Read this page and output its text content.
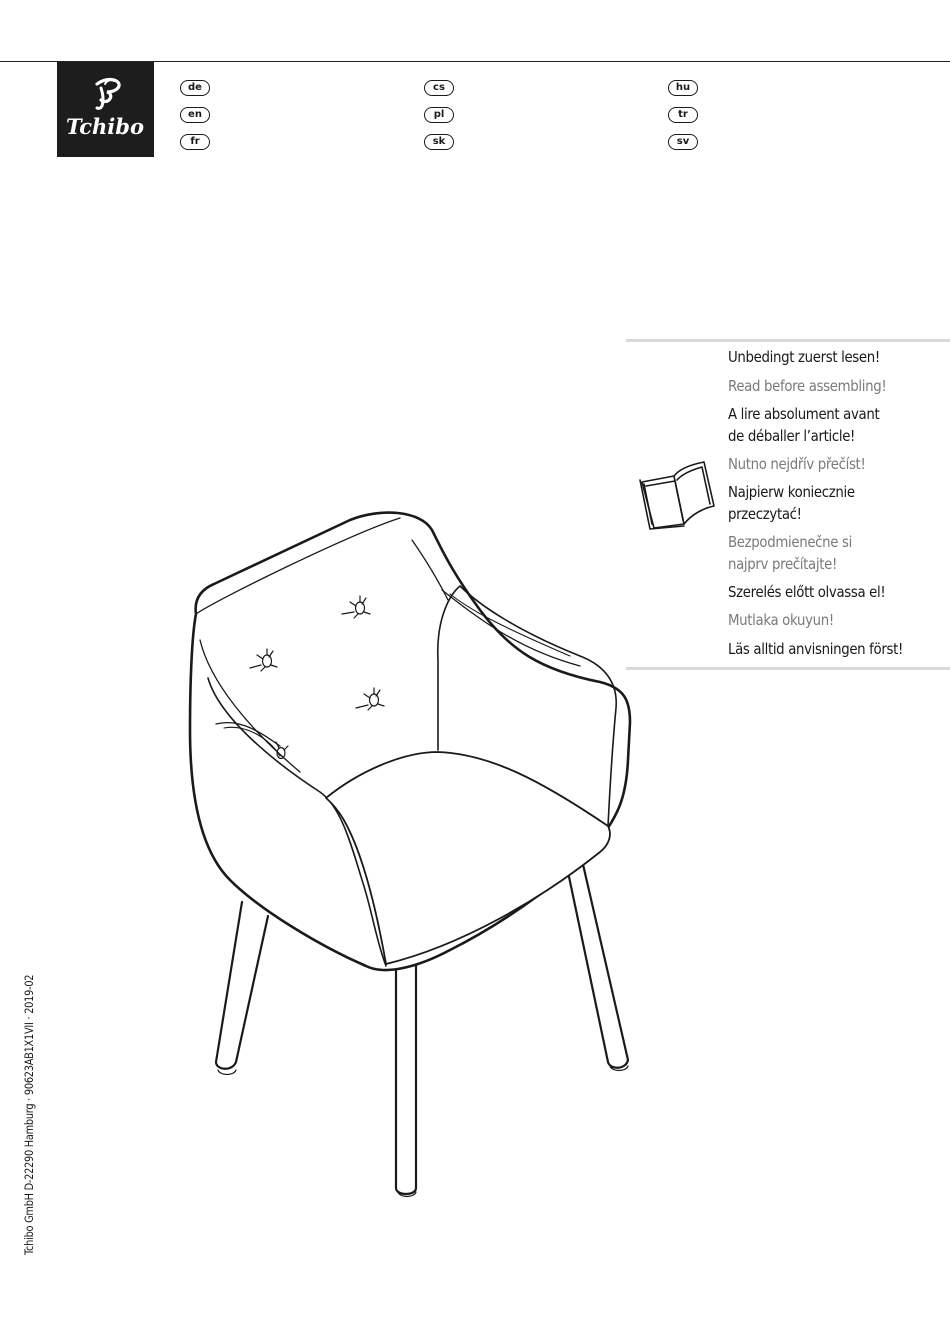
Tchibo
de
en
fr
cs
pl
sk
hu
tr
sv
Unbedingt zuerst lesen!
Read before assembling!
A lire absolument avant
de déballer l’article!
Nutno nejdřív přečíst!
Najpierw koniecznie
przeczytać!
Bezpodmienečne si
najprv prečítajte!
Szerelés előtt olvassa el!
Mutlaka okuyun!
Läs alltid anvisningen först!
Tchibo GmbH D-22290 Hamburg · 90623AB1X1VII · 2019-02
